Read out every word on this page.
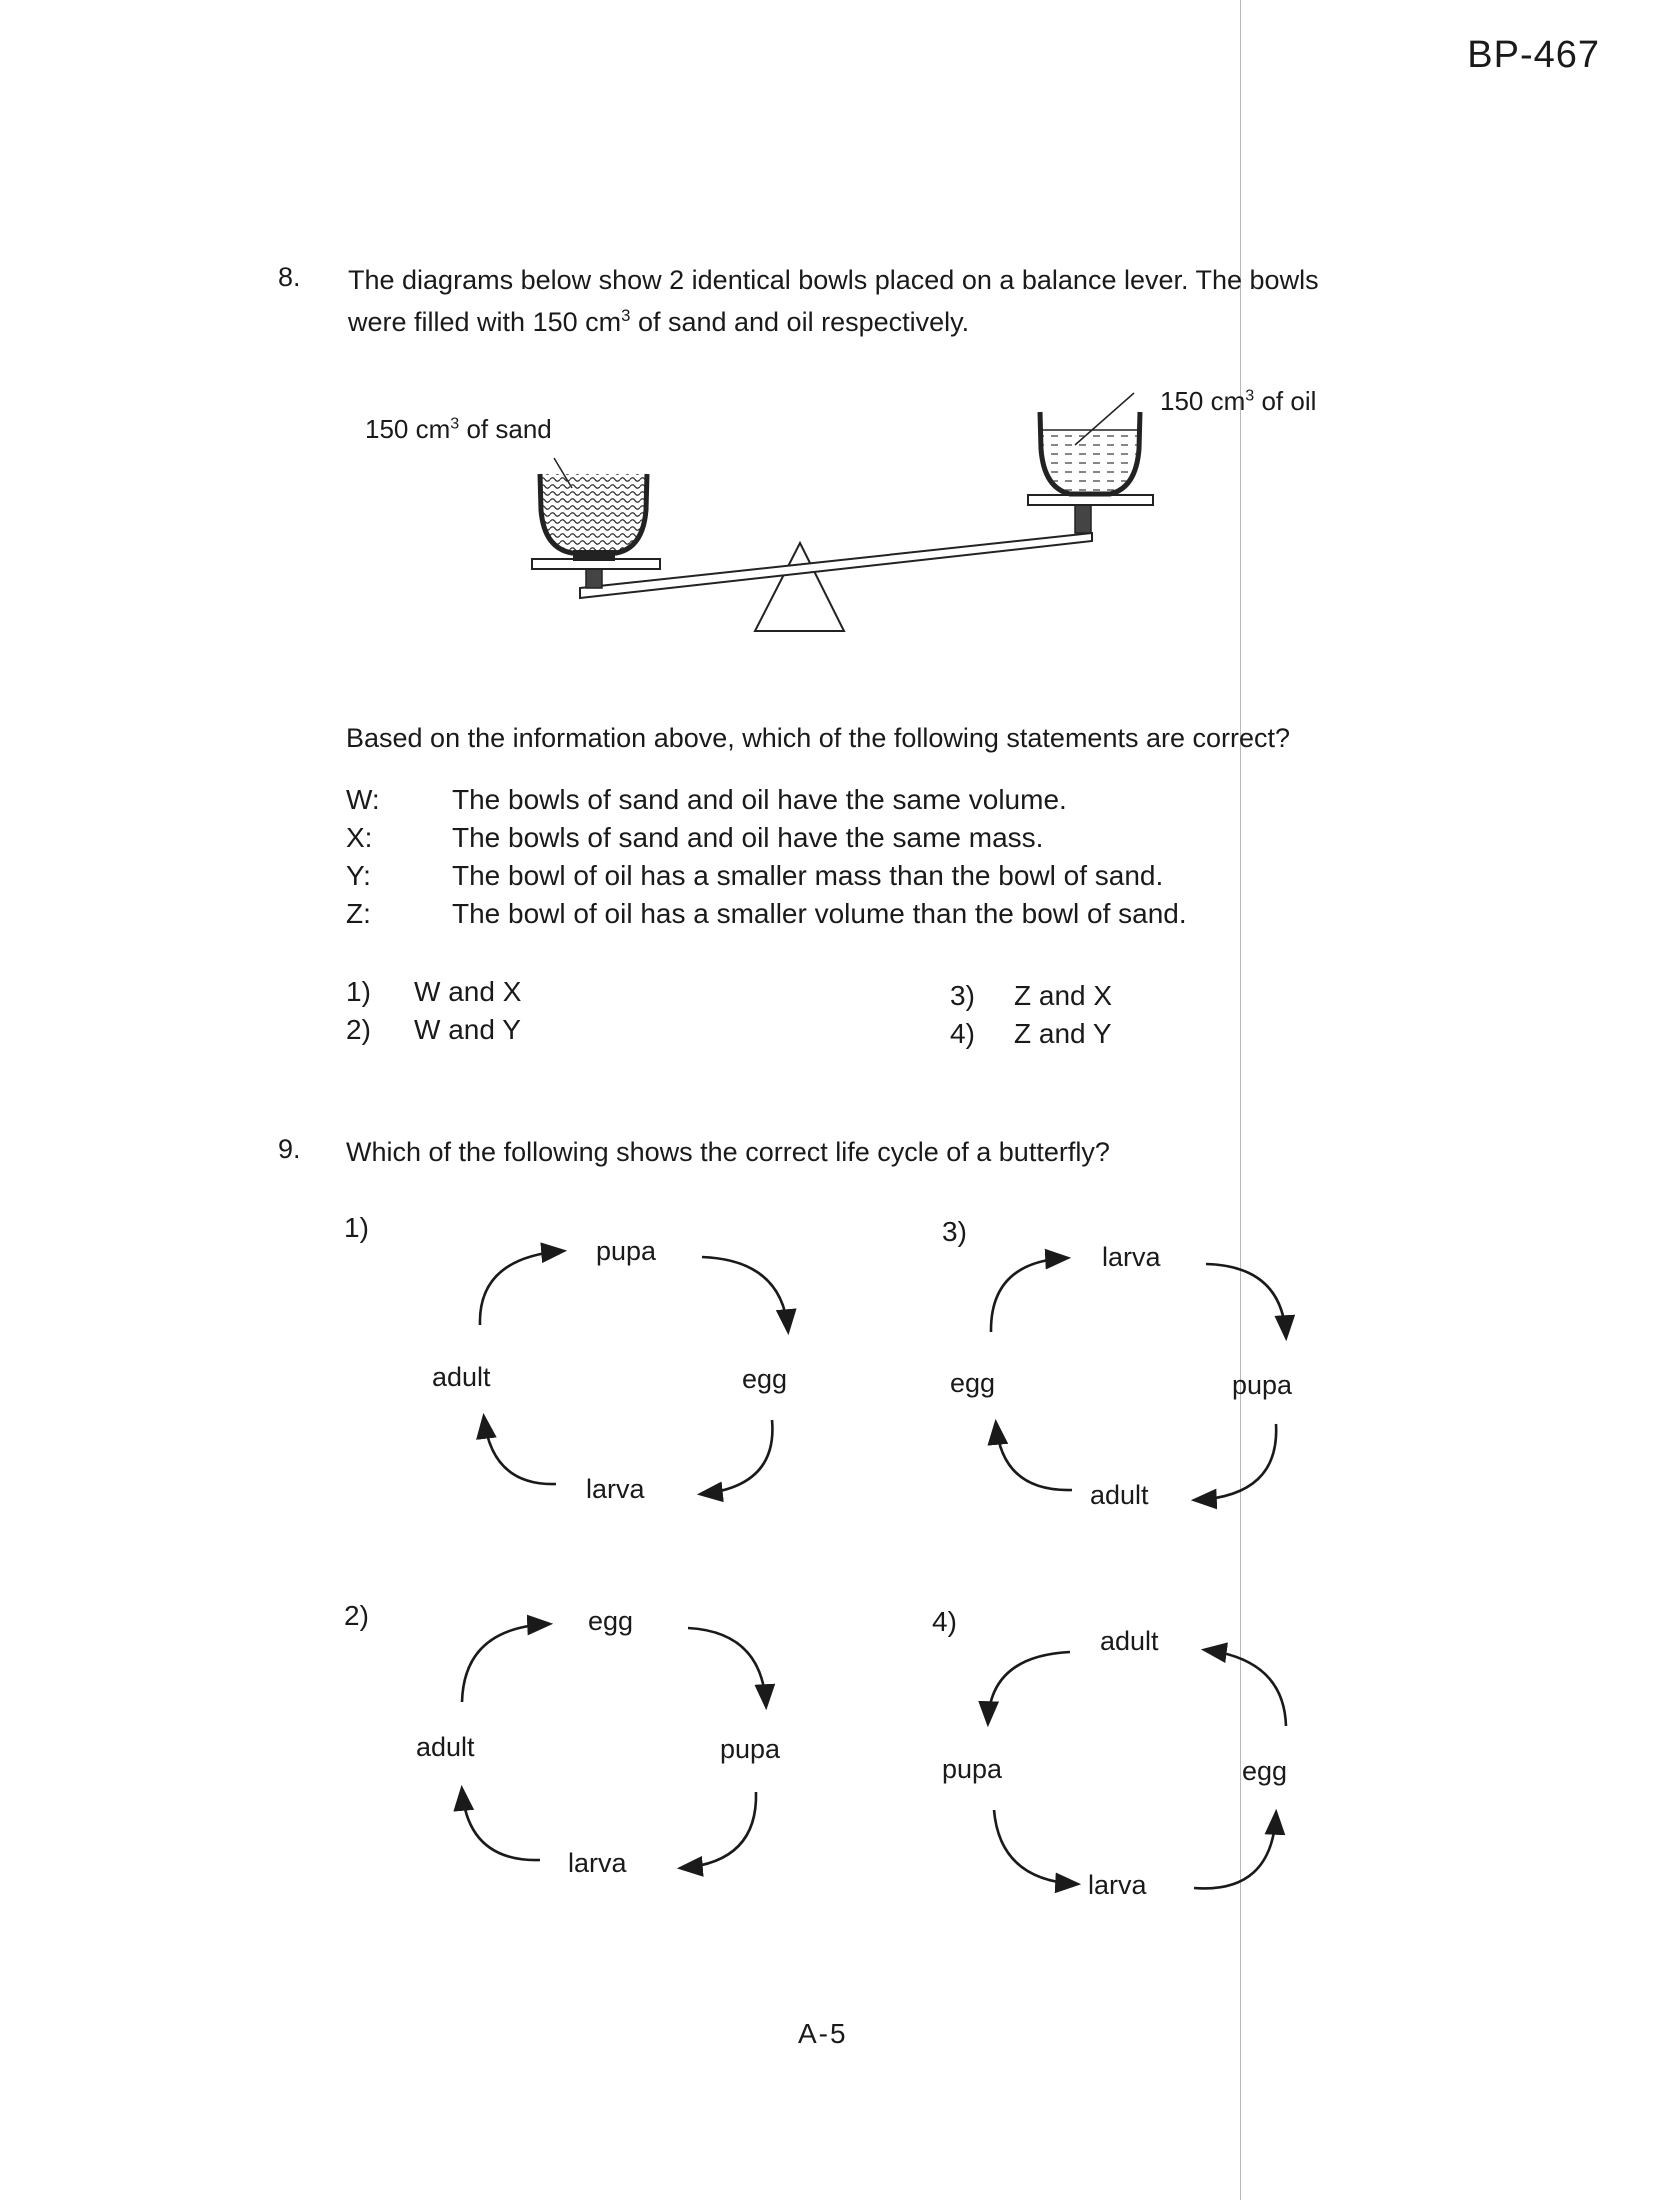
BP-467
8. The diagrams below show 2 identical bowls placed on a balance lever. The bowls
were filled with 150 $cm^3$ of sand and oil respectively.
150 $cm^3$ of sand
150 $cm^3$ of oil
Based on the information above, which of the following statements are correct?
W:	The bowls of sand and oil have the same volume.
X:	The bowls of sand and oil have the same mass.
Y:	The bowl of oil has a smaller mass than the bowl of sand.
Z:	The bowl of oil has a smaller volume than the bowl of sand.
1) W and X
2) W and Y
3) Z and X
4) Z and Y
9. Which of the following shows the correct life cycle of a butterfly?
1)
pupa
egg
larva
adult
2)	egg
pupa
larva
adult
3)
larva
pupa
adult
egg
4)
adult
egg
larva
pupa
A-5
